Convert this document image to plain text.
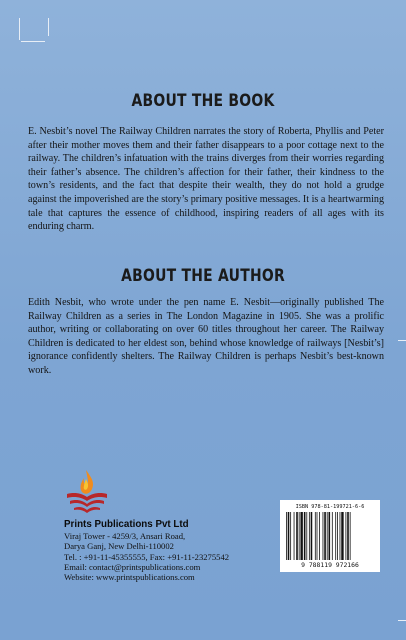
ABOUT THE BOOK
E. Nesbit’s novel The Railway Children narrates the story of Roberta, Phyllis and Peter after their mother moves them and their father disappears to a poor cottage next to the railway. The children’s infatuation with the trains diverges from their worries regarding their father’s absence. The children’s affection for their father, their kindness to the town’s residents, and the fact that despite their wealth, they do not hold a grudge against the impoverished are the story’s primary positive messages. It is a heartwarming tale that captures the essence of childhood, inspiring readers of all ages with its enduring charm.
ABOUT THE AUTHOR
Edith Nesbit, who wrote under the pen name E. Nesbit—originally published The Railway Children as a series in The London Magazine in 1905. She was a prolific author, writing or collaborating on over 60 titles throughout her career. The Railway Children is dedicated to her eldest son, behind whose knowledge of railways [Nesbit’s] ignorance confidently shelters. The Railway Children is perhaps Nesbit’s best-known work.
Prints Publications Pvt Ltd
Viraj Tower - 4259/3, Ansari Road,
Darya Ganj, New Delhi-110002
Tel. : +91-11-45355555, Fax: +91-11-23275542
Email: contact@printspublications.com
Website: www.printspublications.com
ISBN 978-81-199721-6-6
9 788119 972166
